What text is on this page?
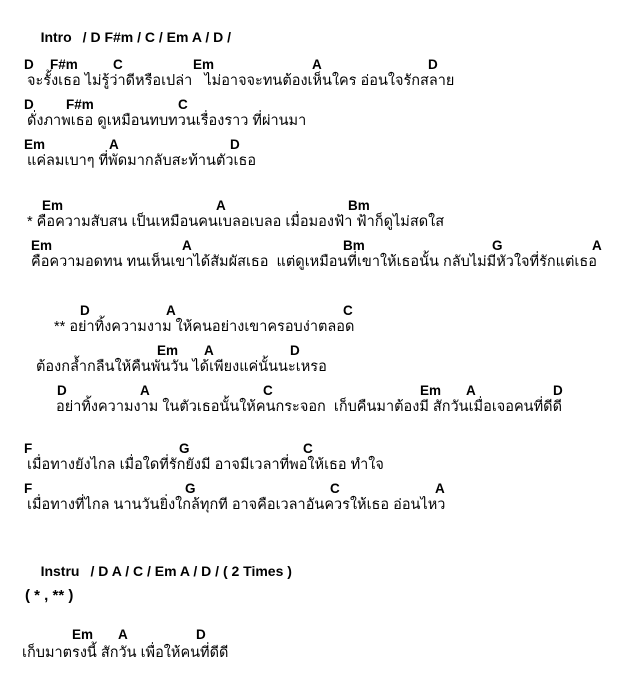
Intro / D F#m / C / Em A / D /

D F#m	C	Em	A	D
จะรั้งเธอ ไม่รู้ว่าดีหรือเปล่า   ไม่อาจจะทนต้องเห็นใคร อ่อนใจรักสลาย
D F#m	C
ดั่งภาพเธอ ดูเหมือนทบทวนเรื่องราว ที่ผ่านมา
Em	A	D
แค่ลมเบาๆ ที่พัดมากลับสะท้านตัวเธอ
Em	A	Bm
* คือความสับสน เป็นเหมือนคนเบลอเบลอ เมื่อมองฟ้า ฟ้าก็ดูไม่สดใส
Em	A	Bm	G	A
คือความอดทน ทนเห็นเขาได้สัมผัสเธอ  แต่ดูเหมือนที่เขาให้เธอนั้น กลับไม่มีหัวใจที่รักแต่เธอ
D	A	C
** อย่าทิ้งความงาม ให้คนอย่างเขาครอบง่าตลอด
Em A	D
ต้องกล้ำกลืนให้คืนพันวัน ได้เพียงแค่นั้นนะเหรอ
D	A	C	Em A	D
อย่าทิ้งความงาม ในตัวเธอนั้นให้คนกระจอก  เก็บคืนมาต้องมี สักวันเมื่อเจอคนที่ดีดี
F	G	C
เมื่อทางยังไกล เมื่อใดที่รักยังมี อาจมีเวลาที่พอให้เธอ ทำใจ
F	G	C	A
เมื่อทางที่ไกล นานวันยิ่งใกล้ทุกที อาจคือเวลาอันควรให้เธอ อ่อนไหว
Em A	D
เก็บมาตรงนี้ สักวัน เพื่อให้คนที่ดีดี

Instru / D A / C / Em A / D / ( 2 Times )

( * , ** )
